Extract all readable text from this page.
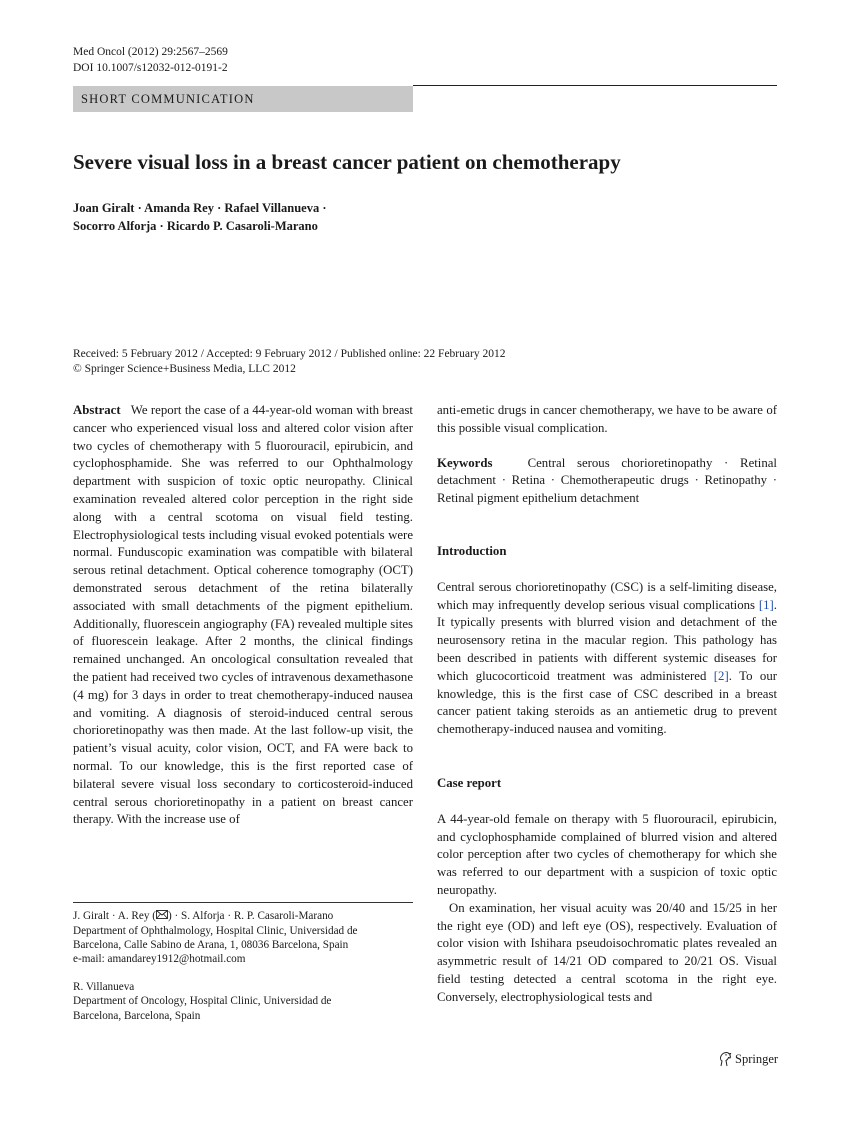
Med Oncol (2012) 29:2567–2569
DOI 10.1007/s12032-012-0191-2
SHORT COMMUNICATION
Severe visual loss in a breast cancer patient on chemotherapy
Joan Giralt · Amanda Rey · Rafael Villanueva ·
Socorro Alforja · Ricardo P. Casaroli-Marano
Received: 5 February 2012 / Accepted: 9 February 2012 / Published online: 22 February 2012
© Springer Science+Business Media, LLC 2012

Abstract We report the case of a 44-year-old woman with breast cancer who experienced visual loss and altered color vision after two cycles of chemotherapy with 5 fluorouracil, epirubicin, and cyclophosphamide. She was referred to our Ophthalmology department with suspicion of toxic optic neuropathy. Clinical examination revealed altered color perception in the right side along with a central scotoma on visual field testing. Electrophysiological tests including visual evoked potentials were normal. Funduscopic examination was compatible with bilateral serous retinal detachment. Optical coherence tomography (OCT) demonstrated serous detachment of the retina bilaterally associated with small detachments of the pigment epithelium. Additionally, fluorescein angiography (FA) revealed multiple sites of fluorescein leakage. After 2 months, the clinical findings remained unchanged. An oncological consultation revealed that the patient had received two cycles of intravenous dexamethasone (4 mg) for 3 days in order to treat chemotherapy-induced nausea and vomiting. A diagnosis of steroid-induced central serous chorioretinopathy was then made. At the last follow-up visit, the patient’s visual acuity, color vision, OCT, and FA were back to normal. To our knowledge, this is the first reported case of bilateral severe visual loss secondary to corticosteroid-induced central serous chorioretinopathy in a patient on breast cancer therapy. With the increase use of

J. Giralt · A. Rey ( ) · S. Alforja · R. P. Casaroli-Marano
Department of Ophthalmology, Hospital Clinic, Universidad de
Barcelona, Calle Sabino de Arana, 1, 08036 Barcelona, Spain
e-mail: amandarey1912@hotmail.com
R. Villanueva
Department of Oncology, Hospital Clinic, Universidad de
Barcelona, Barcelona, Spain

anti-emetic drugs in cancer chemotherapy, we have to be aware of this possible visual complication.

Keywords	Central serous chorioretinopathy · Retinal detachment · Retina · Chemotherapeutic drugs · Retinopathy · Retinal pigment epithelium detachment

Introduction

Central serous chorioretinopathy (CSC) is a self-limiting disease, which may infrequently develop serious visual complications [1]. It typically presents with blurred vision and detachment of the neurosensory retina in the macular region. This pathology has been described in patients with different systemic diseases for which glucocorticoid treatment was administered [2]. To our knowledge, this is the first case of CSC described in a breast cancer patient taking steroids as an antiemetic drug to prevent chemotherapy-induced nausea and vomiting.

Case report

A 44-year-old female on therapy with 5 fluorouracil, epirubicin, and cyclophosphamide complained of blurred vision and altered color perception after two cycles of chemotherapy for which she was referred to our department with a suspicion of toxic optic neuropathy.

On examination, her visual acuity was 20/40 and 15/25 in her the right eye (OD) and left eye (OS), respectively. Evaluation of color vision with Ishihara pseudoisochromatic plates revealed an asymmetric result of 14/21 OD compared to 20/21 OS. Visual field testing detected a central scotoma in the right eye. Conversely, electrophysiological tests and

Springer
